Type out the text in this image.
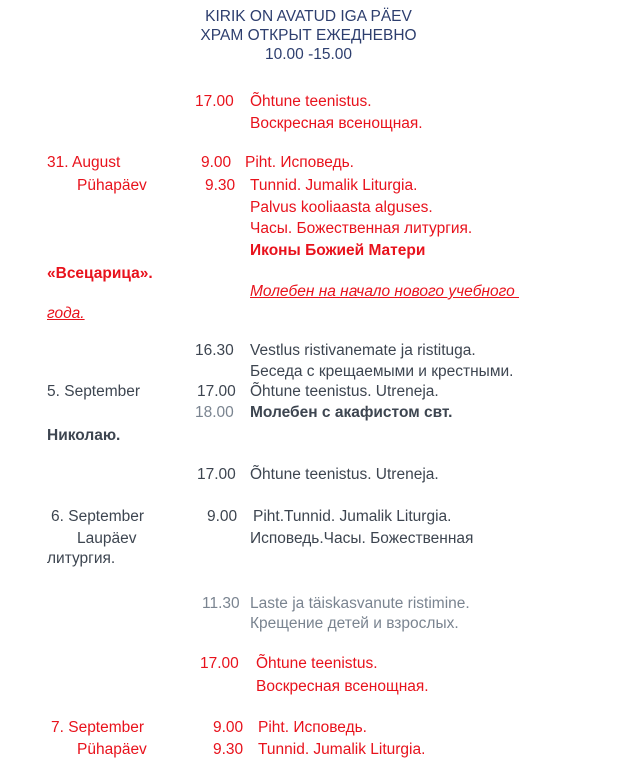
KIRIK ON AVATUD IGA PÄEV
ХРАМ ОТКРЫТ ЕЖЕДНЕВНО
10.00 -15.00
17.00 Õhtune teenistus.
Воскресная всенощная.
31. August
Pühapäev
9.00 Piht. Исповедь.
9.30 Tunnid. Jumalik Liturgia.
Palvus kooliaasta alguses.
Часы. Божественная литургия.
Иконы Божией Матери
«Всецарица».
Молебен на начало нового учебного
года.
16.30 Vestlus ristivanemate ja ristituga.
Беседа с крещаемыми и крестными.
5. September	17.00 Õhtune teenistus. Utreneja.
18.00 Молебен с акафистом свт.
Николаю.
17.00 Õhtune teenistus. Utreneja.
6. September
Laupäev
9.00 Piht.Tunnid. Jumalik Liturgia.
Исповедь.Часы. Божественная
литургия.
11.30 Laste ja täiskasvanute ristimine.
Крещение детей и взрослых.
17.00 Õhtune teenistus.
Воскресная всенощная.
7. September
Pühapäev
9.00 Piht. Исповедь.
9.30 Tunnid. Jumalik Liturgia.
